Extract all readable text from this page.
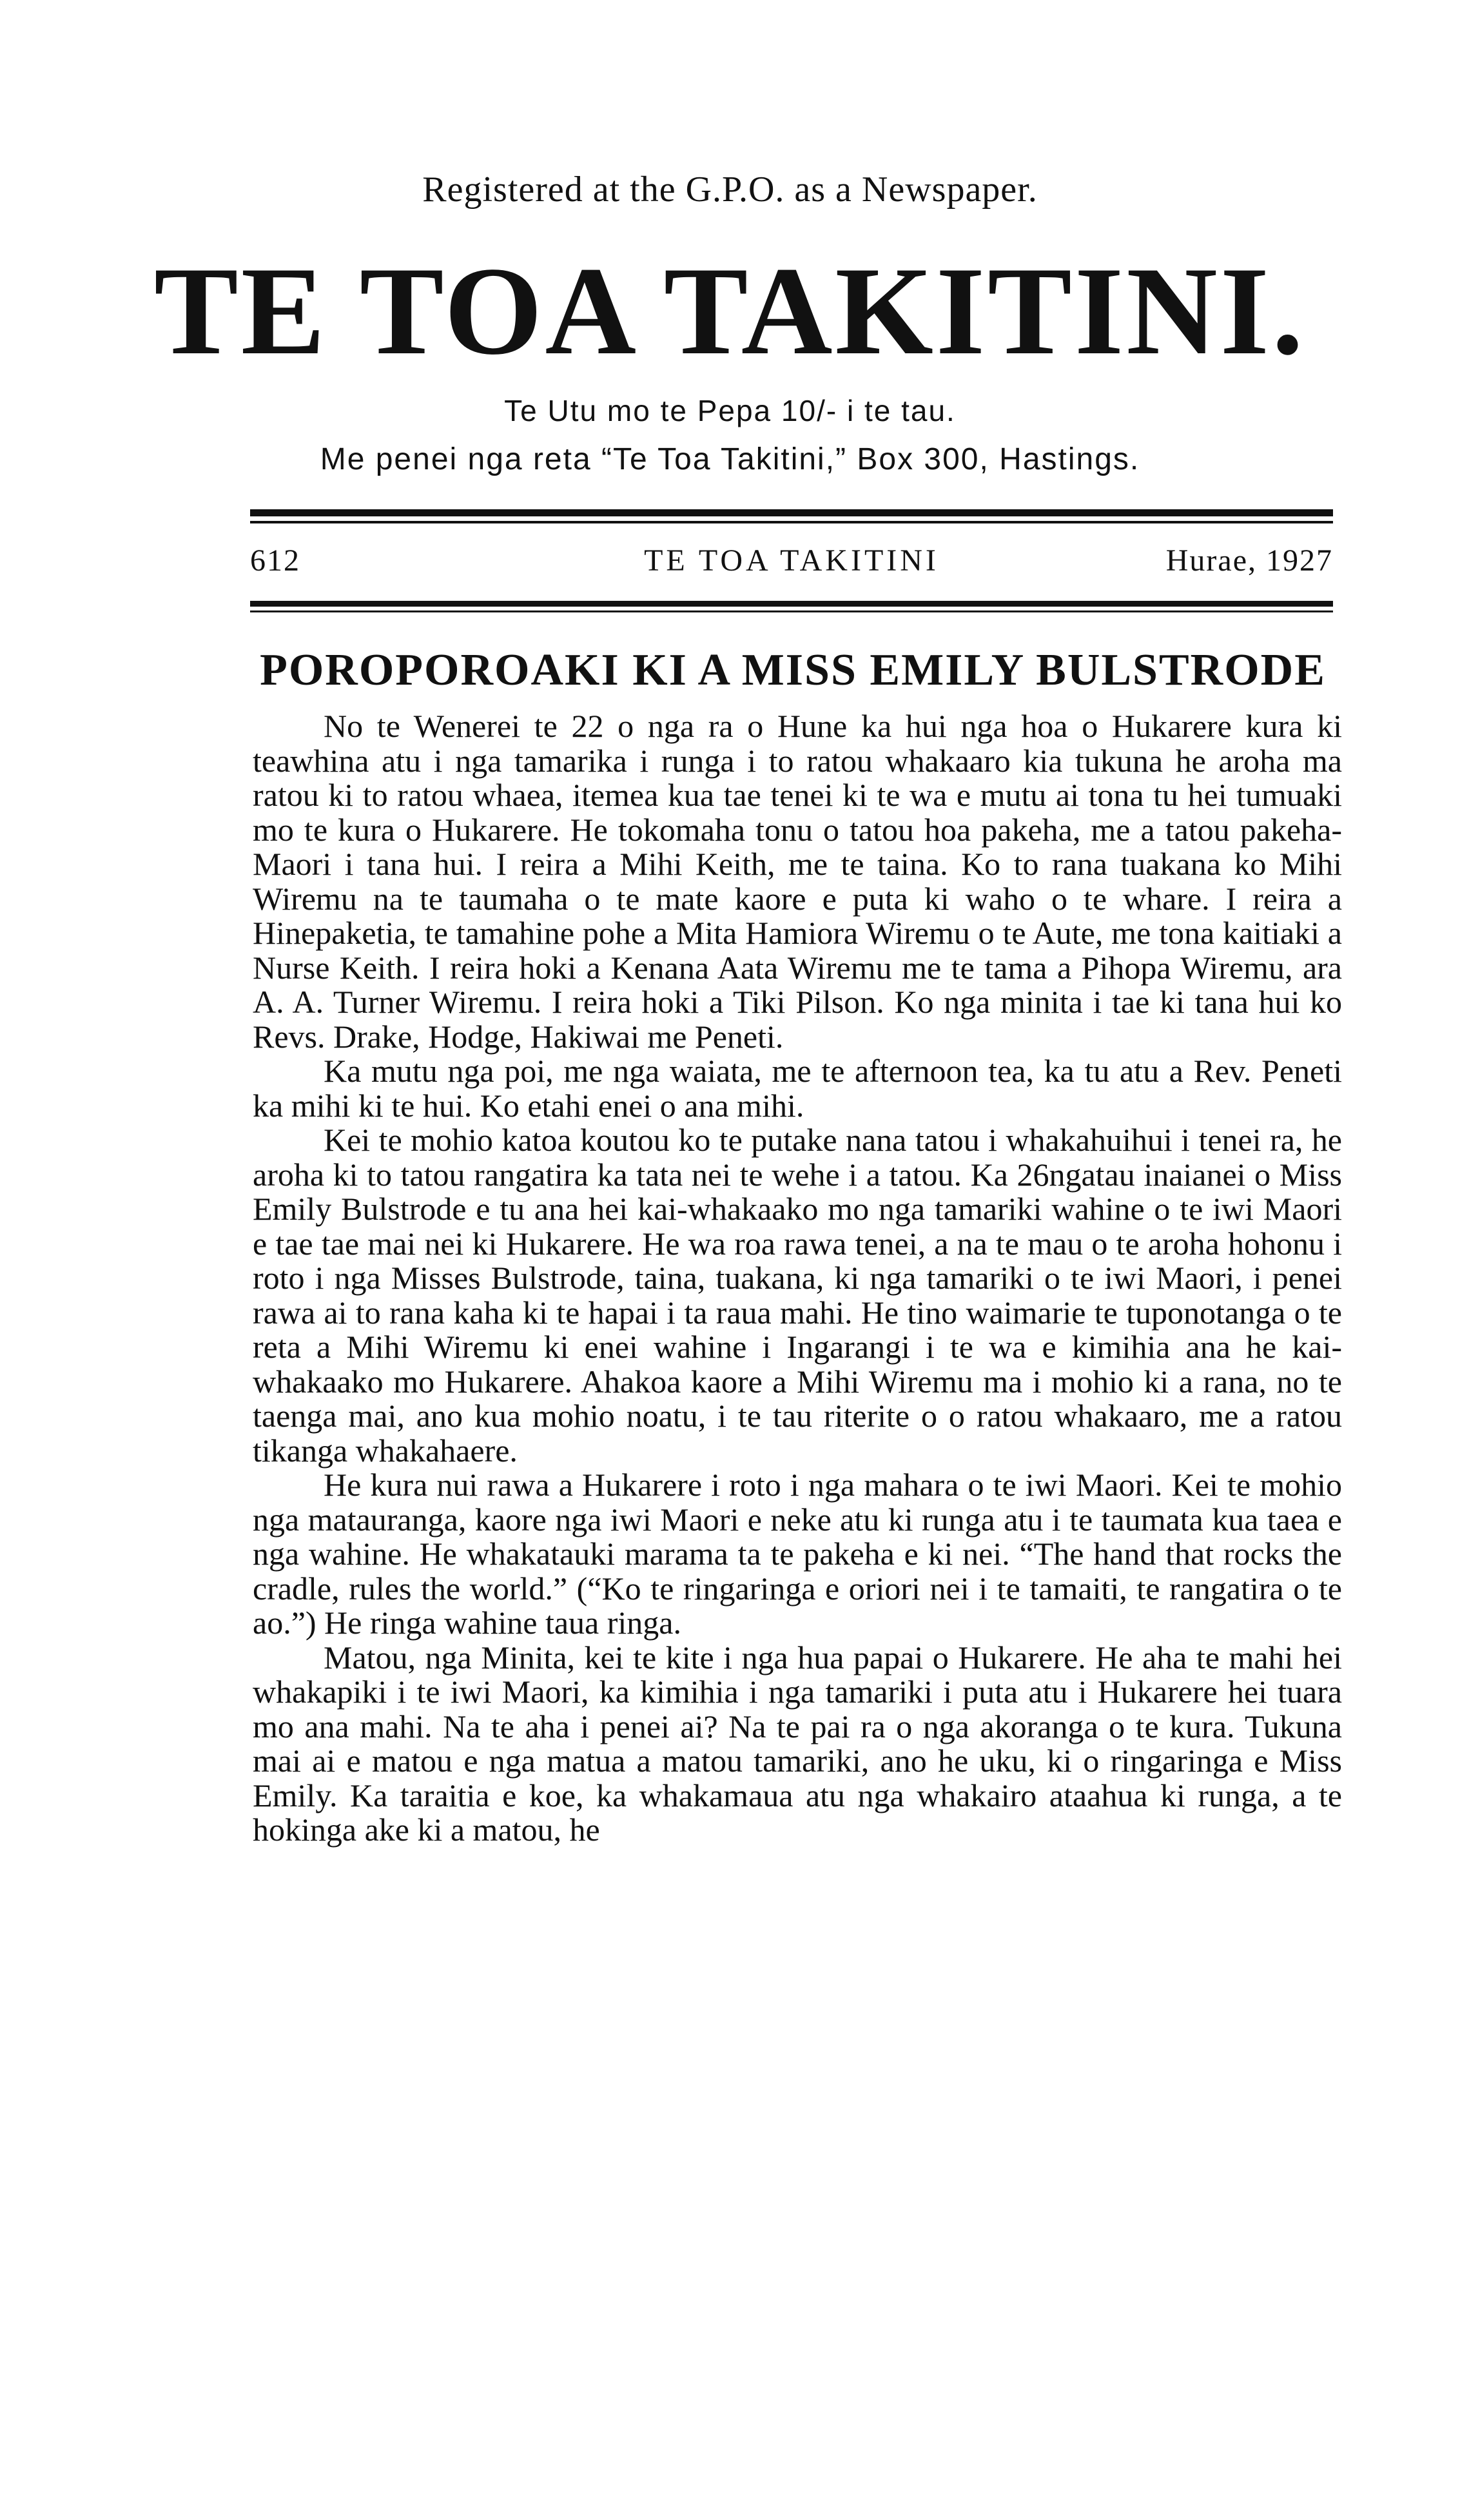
Registered at the G.P.O. as a Newspaper.
TE TOA TAKITINI.
Te Utu mo te Pepa 10/- i te tau.
Me penei nga reta “Te Toa Takitini,” Box 300, Hastings.
612	TE TOA TAKITINI	Hurae, 1927
POROPOROAKI KI A MISS EMILY BULSTRODE

No te Wenerei te 22 o nga ra o Hune ka hui nga hoa o Hukarere kura ki teawhina atu i nga tamarika i runga i to ratou whakaaro kia tukuna he aroha ma ratou ki to ratou whaea, itemea kua tae tenei ki te wa e mutu ai tona tu hei tumuaki mo te kura o Hukarere. He tokomaha tonu o tatou hoa pakeha, me a tatou pakeha-Maori i tana hui. I reira a Mihi Keith, me te taina. Ko to rana tuakana ko Mihi Wiremu na te taumaha o te mate kaore e puta ki waho o te whare. I reira a Hinepaketia, te tamahine pohe a Mita Hamiora Wiremu o te Aute, me tona kaitiaki a Nurse Keith. I reira hoki a Kenana Aata Wiremu me te tama a Pihopa Wiremu, ara A. A. Turner Wiremu. I reira hoki a Tiki Pilson. Ko nga minita i tae ki tana hui ko Revs. Drake, Hodge, Hakiwai me Peneti.

Ka mutu nga poi, me nga waiata, me te afternoon tea, ka tu atu a Rev. Peneti ka mihi ki te hui. Ko etahi enei o ana mihi.

Kei te mohio katoa koutou ko te putake nana tatou i whakahuihui i tenei ra, he aroha ki to tatou rangatira ka tata nei te wehe i a tatou. Ka 26ngatau inaianei o Miss Emily Bulstrode e tu ana hei kai-whakaako mo nga tamariki wahine o te iwi Maori e tae tae mai nei ki Hukarere. He wa roa rawa tenei, a na te mau o te aroha hohonu i roto i nga Misses Bulstrode, taina, tuakana, ki nga tamariki o te iwi Maori, i penei rawa ai to rana kaha ki te hapai i ta raua mahi. He tino waimarie te tuponotanga o te reta a Mihi Wiremu ki enei wahine i Ingarangi i te wa e kimihia ana he kai-whakaako mo Hukarere. Ahakoa kaore a Mihi Wiremu ma i mohio ki a rana, no te taenga mai, ano kua mohio noatu, i te tau riterite o o ratou whakaaro, me a ratou tikanga whakahaere.

He kura nui rawa a Hukarere i roto i nga mahara o te iwi Maori. Kei te mohio nga matauranga, kaore nga iwi Maori e neke atu ki runga atu i te taumata kua taea e nga wahine. He whakatauki marama ta te pakeha e ki nei. “The hand that rocks the cradle, rules the world.” (“Ko te ringaringa e oriori nei i te tamaiti, te rangatira o te ao.”) He ringa wahine taua ringa.

Matou, nga Minita, kei te kite i nga hua papai o Hukarere. He aha te mahi hei whakapiki i te iwi Maori, ka kimihia i nga tamariki i puta atu i Hukarere hei tuara mo ana mahi. Na te aha i penei ai? Na te pai ra o nga akoranga o te kura. Tukuna mai ai e matou e nga matua a matou tamariki, ano he uku, ki o ringaringa e Miss Emily. Ka taraitia e koe, ka whakamaua atu nga whakairo ataahua ki runga, a te hokinga ake ki a matou, he
